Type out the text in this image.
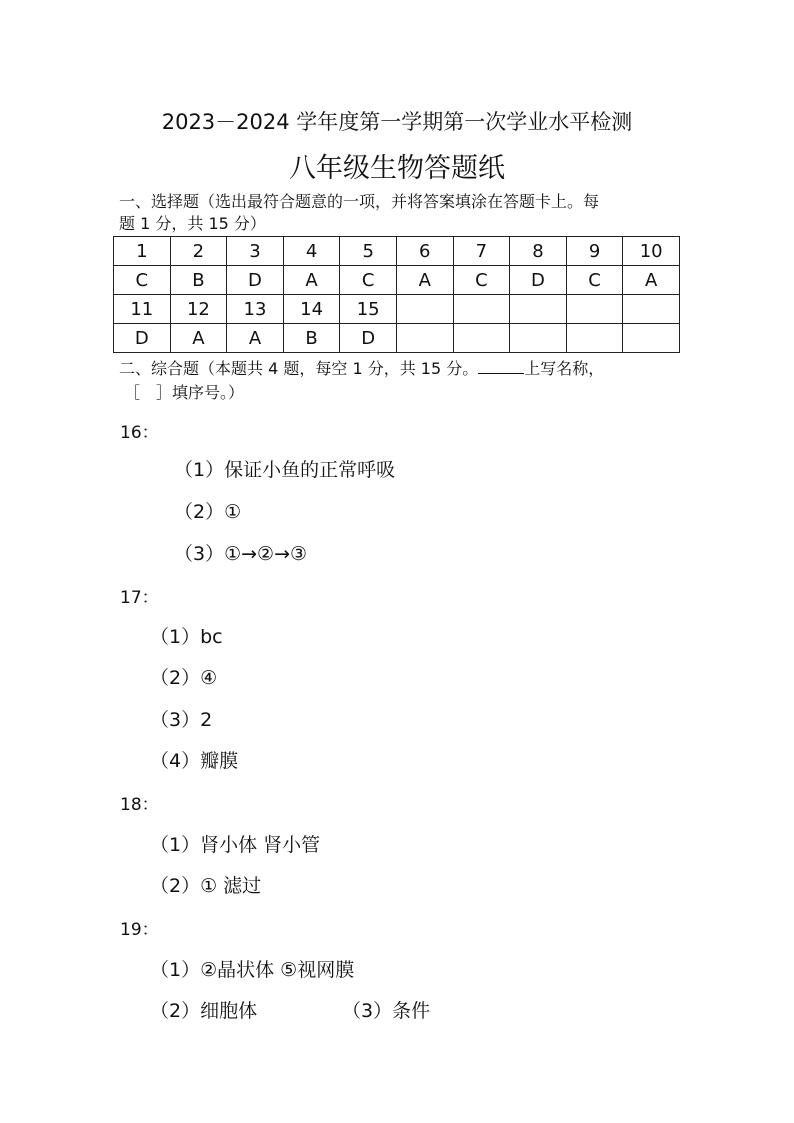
2023－2024 学年度第一学期第一次学业水平检测
八年级生物答题纸
一、选择题（选出最符合题意的一项，并将答案填涂在答题卡上。每
题 1 分，共 15 分）
1	2	3	4	5	6	7	8	9	10
C	B	D	A	C	A	C	D	C	A
11	12	13	14	15					
D	A	A	B	D					
二、综合题（本题共 4 题，每空 1 分，共 15 分。	上写名称，
［　］填序号。）
16：
（1）保证小鱼的正常呼吸
（2）①
（3）①→②→③
17：
（1）bc
（2）④
（3）2
（4）瓣膜
18：
（1）肾小体 肾小管
（2）① 滤过
19：
（1）②晶状体 ⑤视网膜
（2）细胞体	（3）条件
